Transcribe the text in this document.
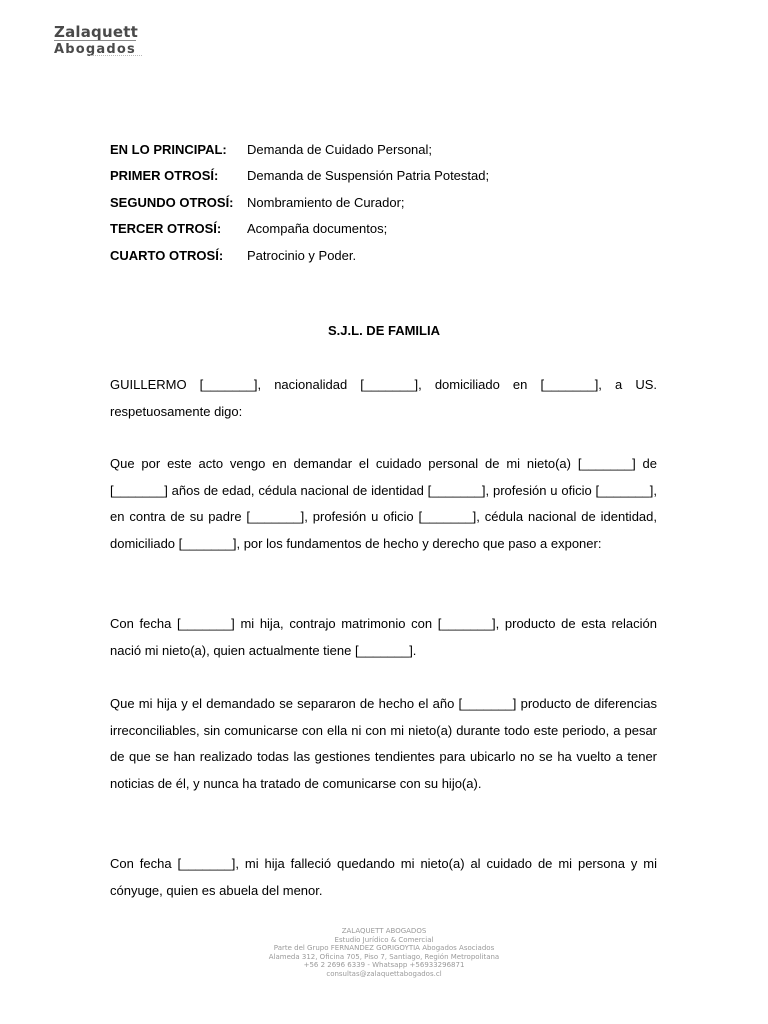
Zalaquett
Abogados
EN LO PRINCIPAL:	Demanda de Cuidado Personal;
PRIMER OTROSÍ:	Demanda de Suspensión Patria Potestad;
SEGUNDO OTROSÍ:	Nombramiento de Curador;
TERCER OTROSÍ:	Acompaña documentos;
CUARTO OTROSÍ:	Patrocinio y Poder.
S.J.L. DE FAMILIA

GUILLERMO [_______], nacionalidad [_______], domiciliado en [_______], a US. respetuosamente digo:

Que por este acto vengo en demandar el cuidado personal de mi nieto(a) [_______] de [_______] años de edad, cédula nacional de identidad [_______], profesión u oficio [_______], en contra de su padre [_______], profesión u oficio [_______], cédula nacional de identidad, domiciliado [_______], por los fundamentos de hecho y derecho que paso a exponer:

Con fecha [_______] mi hija, contrajo matrimonio con [_______], producto de esta relación nació mi nieto(a), quien actualmente tiene [_______].

Que mi hija y el demandado se separaron de hecho el año [_______] producto de diferencias irreconciliables, sin comunicarse con ella ni con mi nieto(a) durante todo este periodo, a pesar de que se han realizado todas las gestiones tendientes para ubicarlo no se ha vuelto a tener noticias de él, y nunca ha tratado de comunicarse con su hijo(a).

Con fecha [_______], mi hija falleció quedando mi nieto(a) al cuidado de mi persona y mi cónyuge, quien es abuela del menor.

ZALAQUETT ABOGADOS
Estudio Jurídico & Comercial
Parte del Grupo FERNANDEZ GORIGOYTIA Abogados Asociados
Alameda 312, Oficina 705, Piso 7, Santiago, Región Metropolitana
+56 2 2696 6339 - Whatsapp +56933296871
consultas@zalaquettabogados.cl
